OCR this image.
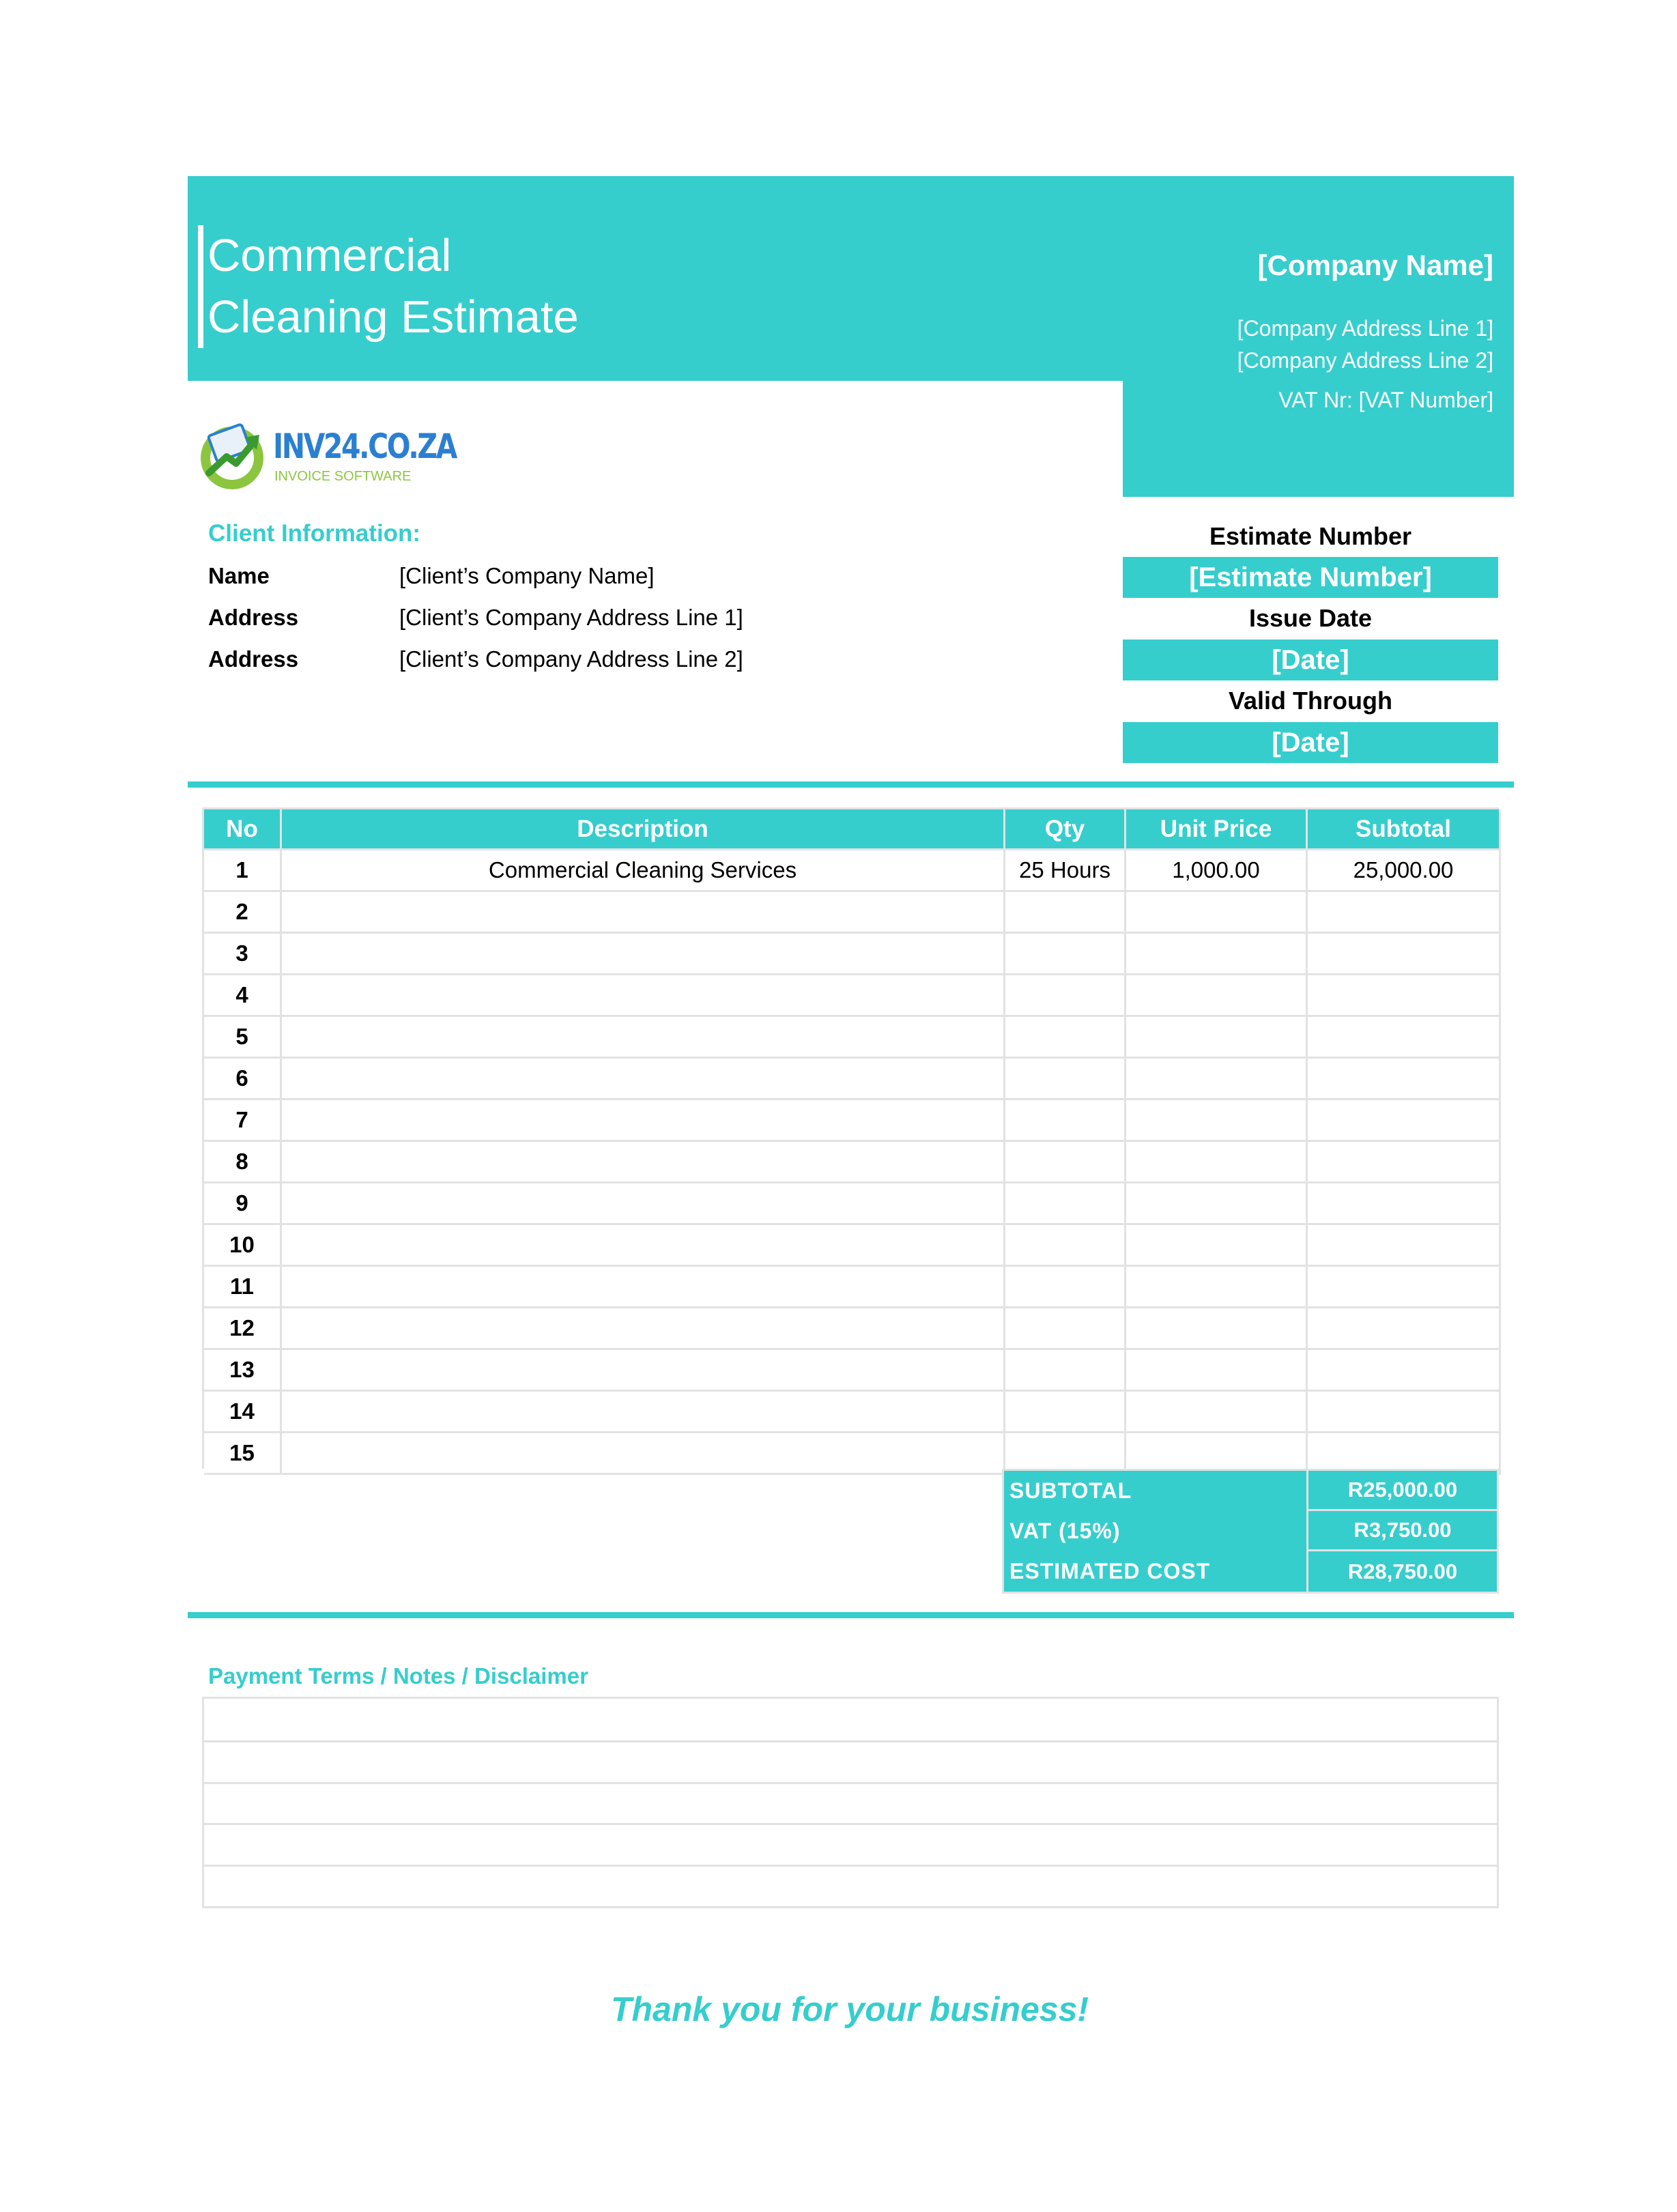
Commercial
Cleaning Estimate
[Company Name]
[Company Address Line 1]
[Company Address Line 2]
VAT Nr: [VAT Number]
INV24.CO.ZA
INVOICE SOFTWARE
Client Information:
Name	[Client’s Company Name]
Address	[Client’s Company Address Line 1]
Address	[Client’s Company Address Line 2]
Estimate Number
[Estimate Number]
Issue Date
[Date]
Valid Through
[Date]
No	Description	Qty	Unit Price	Subtotal
1	Commercial Cleaning Services	25 Hours	1,000.00	25,000.00
2
3
4
5
6
7
8
9
10
11
12
13
14
15
SUBTOTAL	R25,000.00
VAT (15%)	R3,750.00
ESTIMATED COST	R28,750.00
Payment Terms / Notes / Disclaimer
Thank you for your business!
